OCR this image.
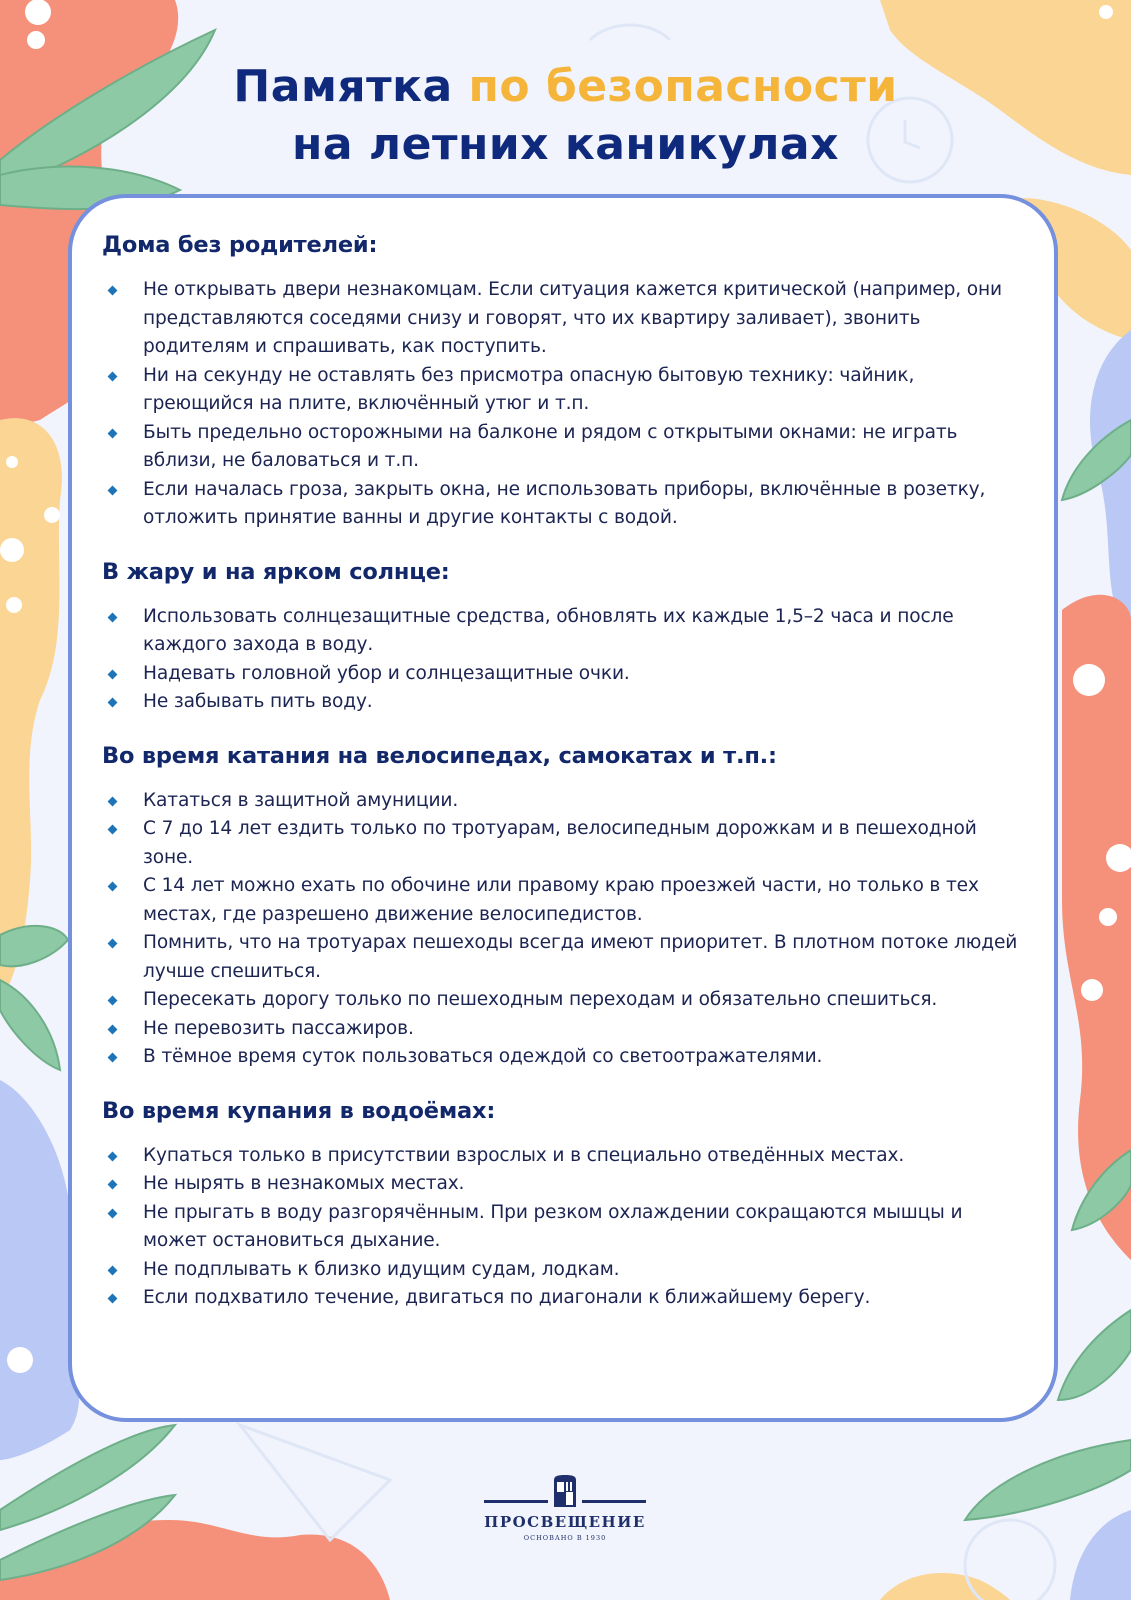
Памятка по безопасности
на летних каникулах
Дома без родителей:
Не открывать двери незнакомцам. Если ситуация кажется критической (например, они представляются соседями снизу и говорят, что их квартиру заливает), звонить родителям и спрашивать, как поступить.
Ни на секунду не оставлять без присмотра опасную бытовую технику: чайник, греющийся на плите, включённый утюг и т.п.
Быть предельно осторожными на балконе и рядом с открытыми окнами: не играть вблизи, не баловаться и т.п.
Если началась гроза, закрыть окна, не использовать приборы, включённые в розетку, отложить принятие ванны и другие контакты с водой.
В жару и на ярком солнце:
Использовать солнцезащитные средства, обновлять их каждые 1,5–2 часа и после каждого захода в воду.
Надевать головной убор и солнцезащитные очки.
Не забывать пить воду.
Во время катания на велосипедах, самокатах и т.п.:
Кататься в защитной амуниции.
С 7 до 14 лет ездить только по тротуарам, велосипедным дорожкам и в пешеходной зоне.
С 14 лет можно ехать по обочине или правому краю проезжей части, но только в тех местах, где разрешено движение велосипедистов.
Помнить, что на тротуарах пешеходы всегда имеют приоритет. В плотном потоке людей лучше спешиться.
Пересекать дорогу только по пешеходным переходам и обязательно спешиться.
Не перевозить пассажиров.
В тёмное время суток пользоваться одеждой со светоотражателями.
Во время купания в водоёмах:
Купаться только в присутствии взрослых и в специально отведённых местах.
Не нырять в незнакомых местах.
Не прыгать в воду разгорячённым. При резком охлаждении сокращаются мышцы и может остановиться дыхание.
Не подплывать к близко идущим судам, лодкам.
Если подхватило течение, двигаться по диагонали к ближайшему берегу.
ПРОСВЕЩЕНИЕ
ОСНОВАНО В 1930
